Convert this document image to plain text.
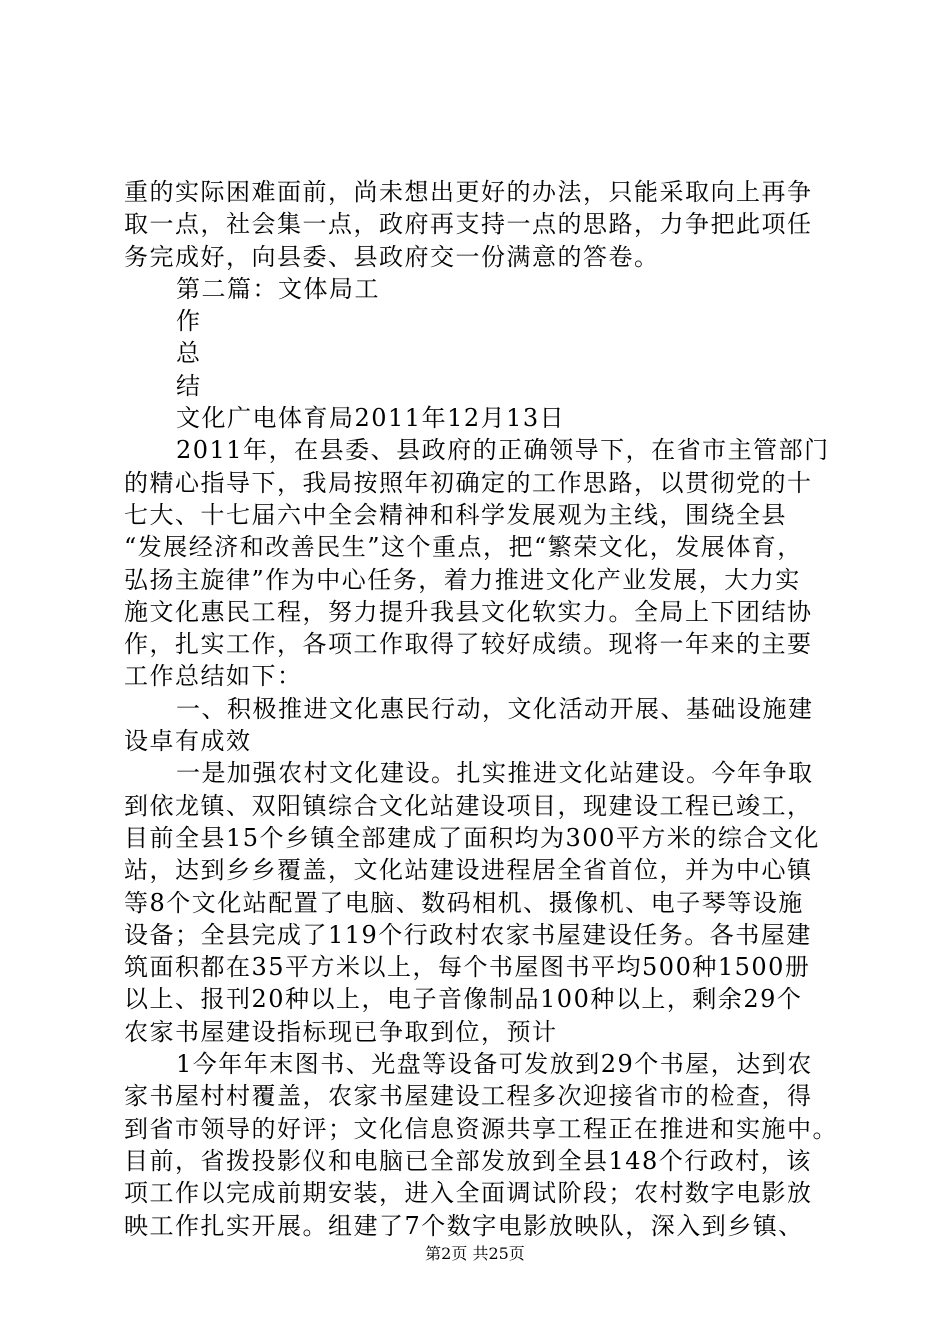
重的实际困难面前，尚未想出更好的办法，只能采取向上再争
取一点，社会集一点，政府再支持一点的思路，力争把此项任
务完成好，向县委、县政府交一份满意的答卷。
第二篇：文体局工
作
总
结
文化广电体育局2011年12月13日
2011年，在县委、县政府的正确领导下，在省市主管部门
的精心指导下，我局按照年初确定的工作思路，以贯彻党的十
七大、十七届六中全会精神和科学发展观为主线，围绕全县
“发展经济和改善民生”这个重点，把“繁荣文化，发展体育，
弘扬主旋律”作为中心任务，着力推进文化产业发展，大力实
施文化惠民工程，努力提升我县文化软实力。全局上下团结协
作，扎实工作，各项工作取得了较好成绩。现将一年来的主要
工作总结如下：
一、积极推进文化惠民行动，文化活动开展、基础设施建
设卓有成效
一是加强农村文化建设。扎实推进文化站建设。今年争取
到依龙镇、双阳镇综合文化站建设项目，现建设工程已竣工，
目前全县15个乡镇全部建成了面积均为300平方米的综合文化
站，达到乡乡覆盖，文化站建设进程居全省首位，并为中心镇
等8个文化站配置了电脑、数码相机、摄像机、电子琴等设施
设备；全县完成了119个行政村农家书屋建设任务。各书屋建
筑面积都在35平方米以上，每个书屋图书平均500种1500册
以上、报刊20种以上，电子音像制品100种以上，剩余29个
农家书屋建设指标现已争取到位，预计
1今年年末图书、光盘等设备可发放到29个书屋，达到农
家书屋村村覆盖，农家书屋建设工程多次迎接省市的检查，得
到省市领导的好评；文化信息资源共享工程正在推进和实施中。
目前，省拨投影仪和电脑已全部发放到全县148个行政村，该
项工作以完成前期安装，进入全面调试阶段；农村数字电影放
映工作扎实开展。组建了7个数字电影放映队，深入到乡镇、
第2页 共25页
